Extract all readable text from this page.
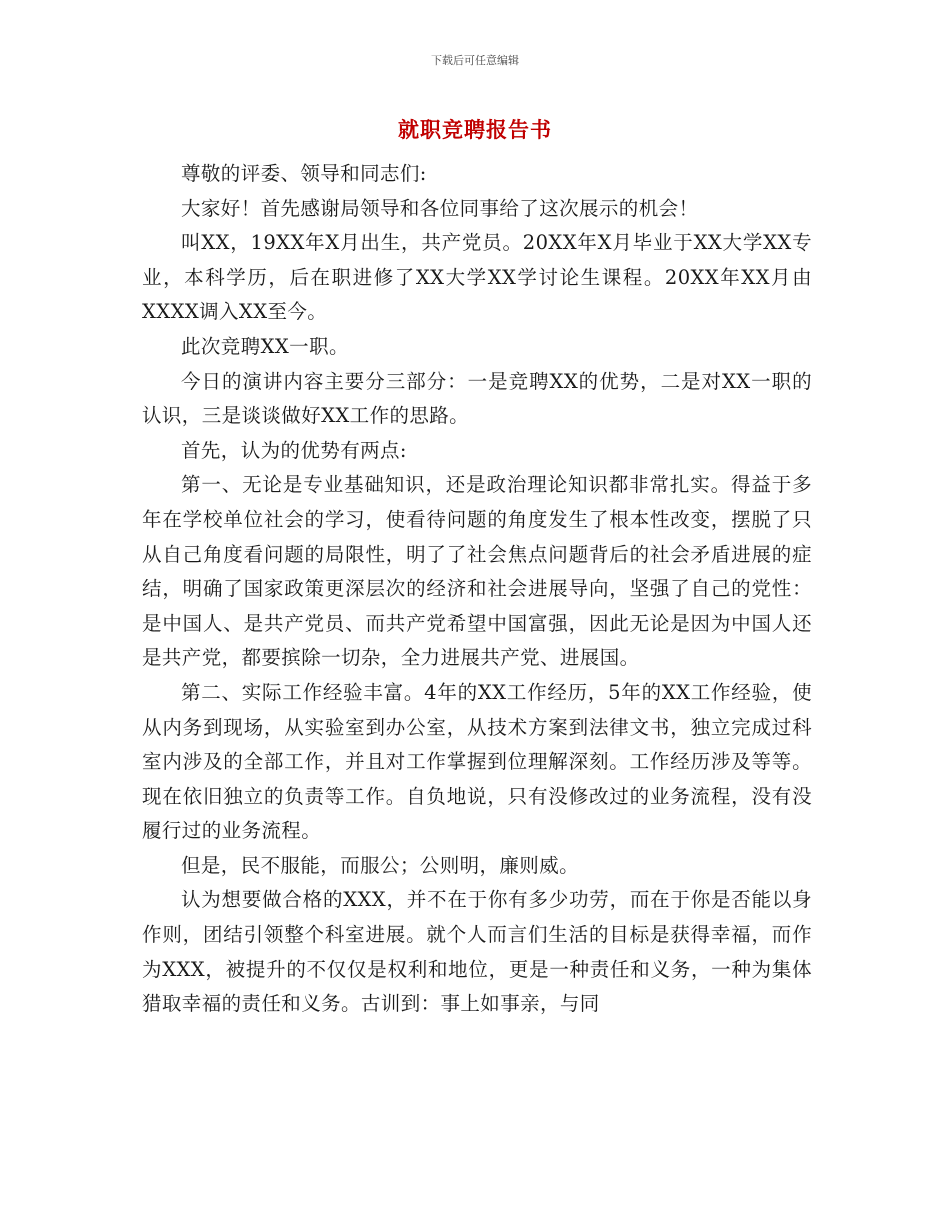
下载后可任意编辑
就职竞聘报告书

尊敬的评委、领导和同志们:

大家好！首先感谢局领导和各位同事给了这次展示的机会！

叫XX，19XX年X月出生，共产党员。20XX年X月毕业于XX大学XX专业，本科学历，后在职进修了XX大学XX学讨论生课程。20XX年XX月由XXXX调入XX至今。

此次竞聘XX一职。

今日的演讲内容主要分三部分：一是竞聘XX的优势，二是对XX一职的认识，三是谈谈做好XX工作的思路。

首先，认为的优势有两点:

第一、无论是专业基础知识，还是政治理论知识都非常扎实。得益于多年在学校单位社会的学习，使看待问题的角度发生了根本性改变，摆脱了只从自己角度看问题的局限性，明了了社会焦点问题背后的社会矛盾进展的症结，明确了国家政策更深层次的经济和社会进展导向，坚强了自己的党性：是中国人、是共产党员、而共产党希望中国富强，因此无论是因为中国人还是共产党，都要摈除一切杂，全力进展共产党、进展国。

第二、实际工作经验丰富。4年的XX工作经历，5年的XX工作经验，使从内务到现场，从实验室到办公室，从技术方案到法律文书，独立完成过科室内涉及的全部工作，并且对工作掌握到位理解深刻。工作经历涉及等等。现在依旧独立的负责等工作。自负地说，只有没修改过的业务流程，没有没履行过的业务流程。

但是，民不服能，而服公；公则明，廉则威。

认为想要做合格的XXX，并不在于你有多少功劳，而在于你是否能以身作则，团结引领整个科室进展。就个人而言们生活的目标是获得幸福，而作为XXX，被提升的不仅仅是权利和地位，更是一种责任和义务，一种为集体猎取幸福的责任和义务。古训到：事上如事亲，与同
